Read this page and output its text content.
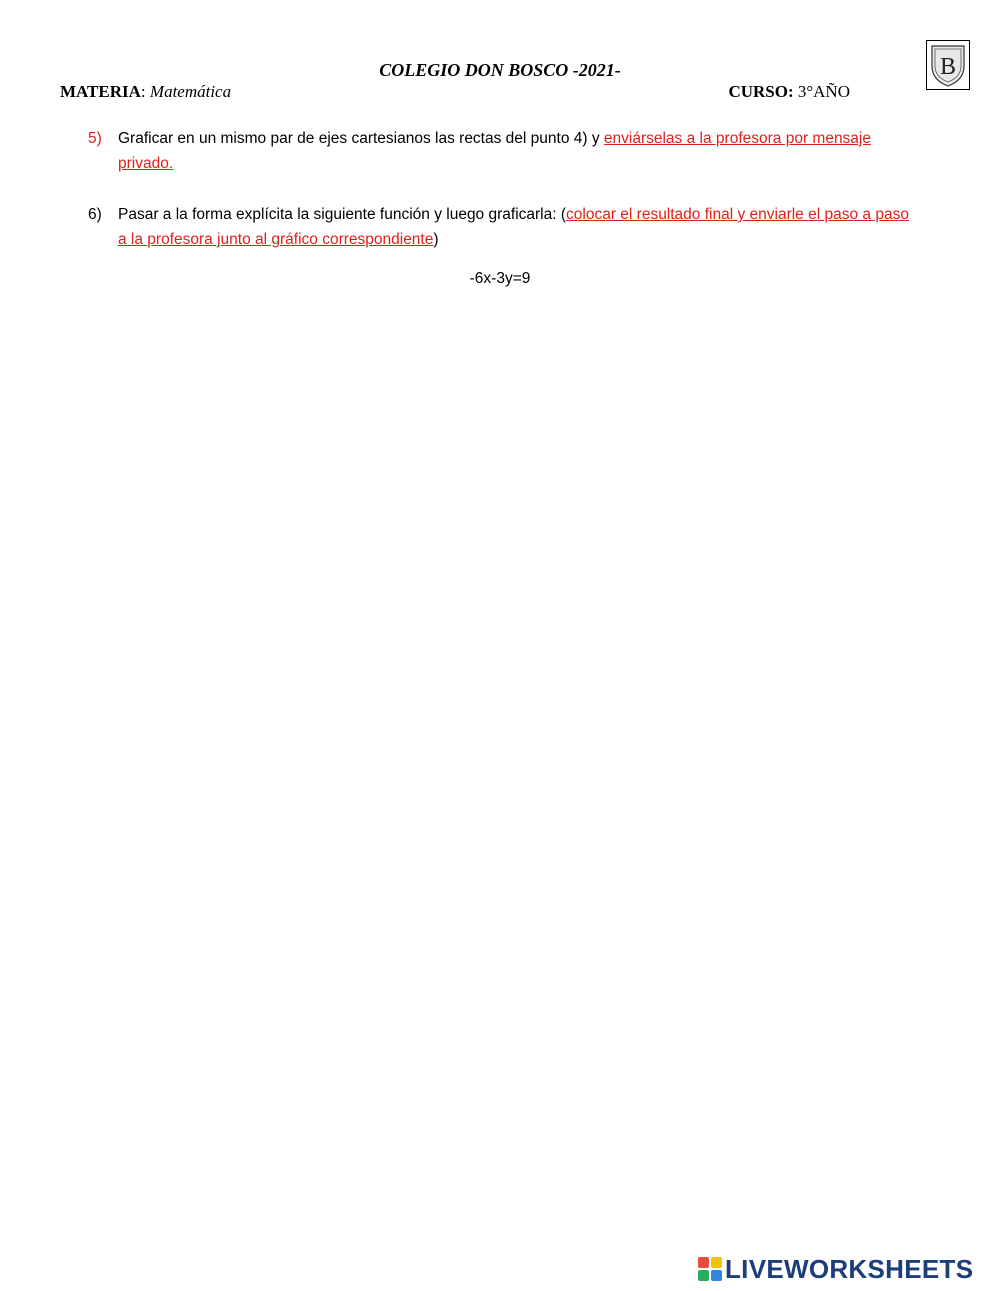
COLEGIO DON BOSCO -2021-
MATERIA: Matemática	CURSO: 3°AÑO
B
5)	Graficar en un mismo par de ejes cartesianos las rectas del punto 4) y enviárselas a la profesora por mensaje privado.
6)	Pasar a la forma explícita la siguiente función y luego graficarla: (colocar el resultado final y enviarle el paso a paso a la profesora junto al gráfico correspondiente)
-6x-3y=9
LIVEWORKSHEETS
